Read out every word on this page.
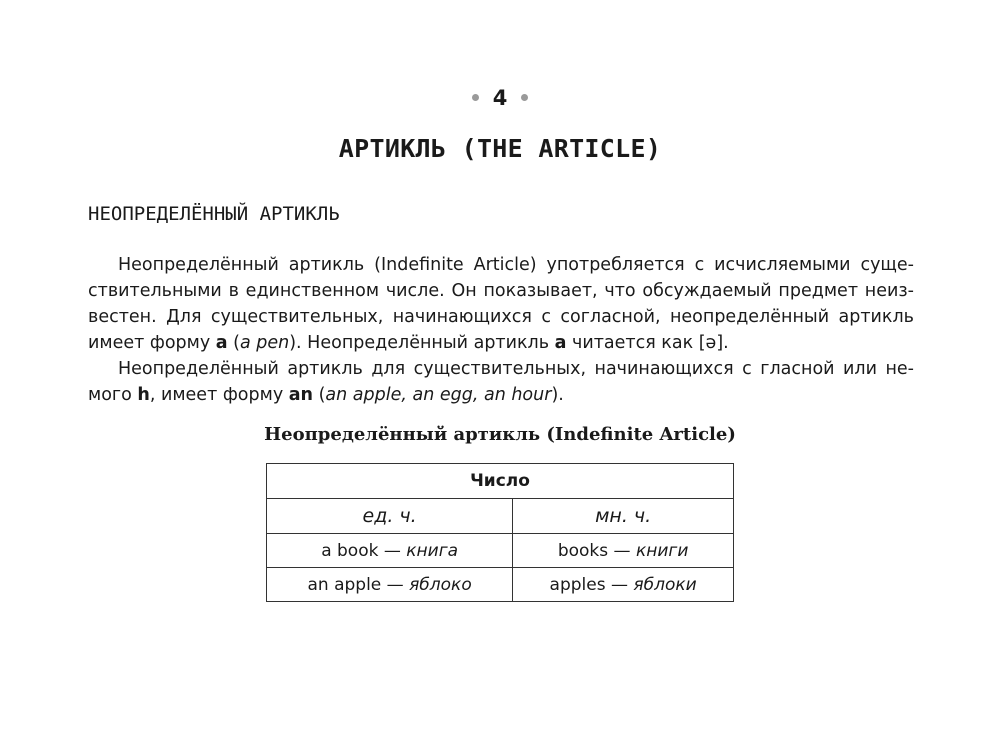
4
АРТИКЛЬ (THE ARTICLE)
НЕОПРЕДЕЛЁННЫЙ АРТИКЛЬ
Неопределённый артикль (Indefinite Article) употребляется с исчисляемыми суще-
ствительными в единственном числе. Он показывает, что обсуждаемый предмет неиз-
вестен. Для существительных, начинающихся с согласной, неопределённый артикль
имеет форму a (a pen). Неопределённый артикль a читается как [ə].
Неопределённый артикль для существительных, начинающихся с гласной или не-
мого h, имеет форму an (an apple, an egg, an hour).
Неопределённый артикль (Indefinite Article)
Число	
ед. ч.	мн. ч.
a book — книга	books — книги
an apple — яблоко	apples — яблоки
